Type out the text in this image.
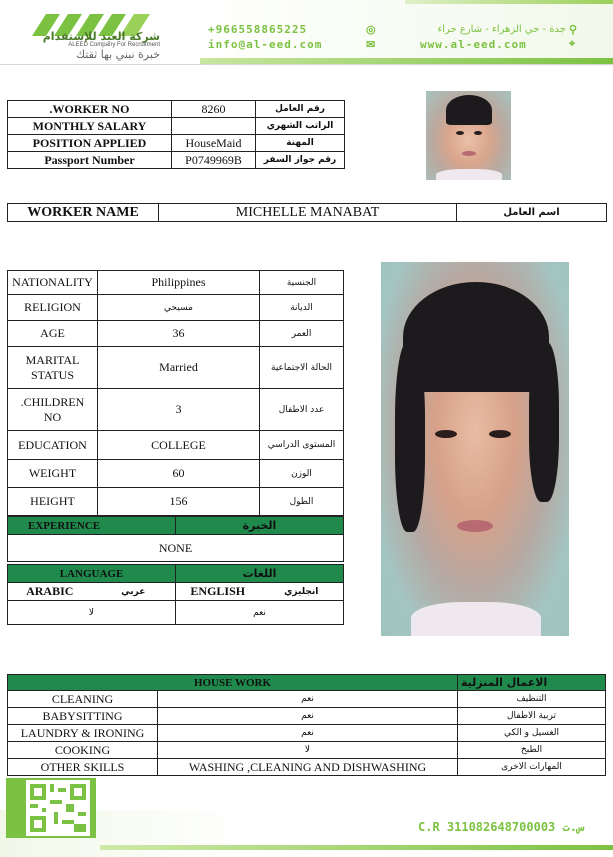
شركة العيد للإستقدام
ALEED Company For Recruitment
خبرة نبني بها ثقتك
+966558865225	◎	جدة - حي الزهراء - شارع حراء ⚲
info@al-eed.com	✉	www.al-eed.com	⌖
.WORKER NO	8260	رقم العامل
MONTHLY SALARY		الراتب الشهري
POSITION APPLIED	HouseMaid	المهنة
Passport Number	P0749969B	رقم جواز السفر
WORKER NAME	MICHELLE MANABAT	اسم العامل
NATIONALITY	Philippines	الجنسية
RELIGION	مسيحي	الديانة
AGE	36	العمر
MARITAL STATUS	Married	الحالة الاجتماعية
.CHILDREN NO	3	عدد الاطفال
EDUCATION	COLLEGE	المستوى الدراسي
WEIGHT	60	الوزن
HEIGHT	156	الطول
EXPERIENCE	الخبرة
NONE
LANGUAGE		اللغات	
ARABIC	عربي	ENGLISH	انجليزي
لا		نعم	
HOUSE WORK		الاعمال المنزلية
CLEANING	نعم	التنظيف
BABYSITTING	نعم	تربية الاطفال
LAUNDRY & IRONING	نعم	الغسيل و الكي
COOKING	لا	الطبخ
OTHER SKILLS	WASHING ,CLEANING AND DISHWASHING	المهارات الاخرى
C.R 311082648700003 س.ت
